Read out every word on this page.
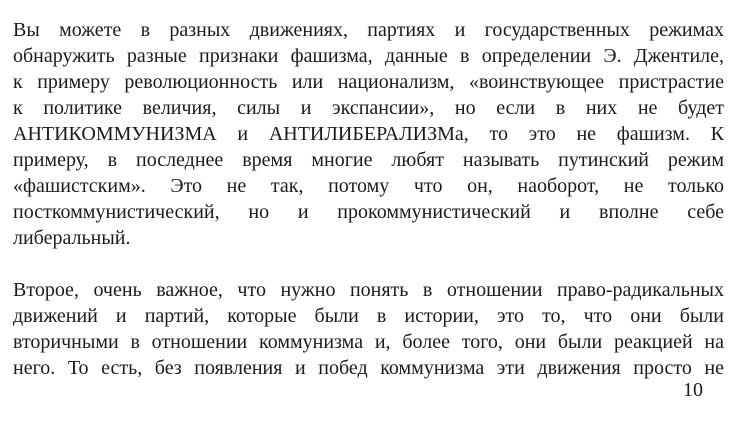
Вы можете в разных движениях, партиях и государственных режимах
обнаружить разные признаки фашизма, данные в определении Э. Джентиле,
к примеру революционность или национализм, «воинствующее пристрастие
к политике величия, силы и экспансии», но если в них не будет
АНТИКОММУНИЗМА и АНТИЛИБЕРАЛИЗМа, то это не фашизм. К
примеру, в последнее время многие любят называть путинский режим
«фашистским». Это не так, потому что он, наоборот, не только
посткоммунистический, но и прокоммунистический и вполне себе
либеральный.
Второе, очень важное, что нужно понять в отношении право-радикальных
движений и партий, которые были в истории, это то, что они были
вторичными в отношении коммунизма и, более того, они были реакцией на
него. То есть, без появления и побед коммунизма эти движения просто не
10
